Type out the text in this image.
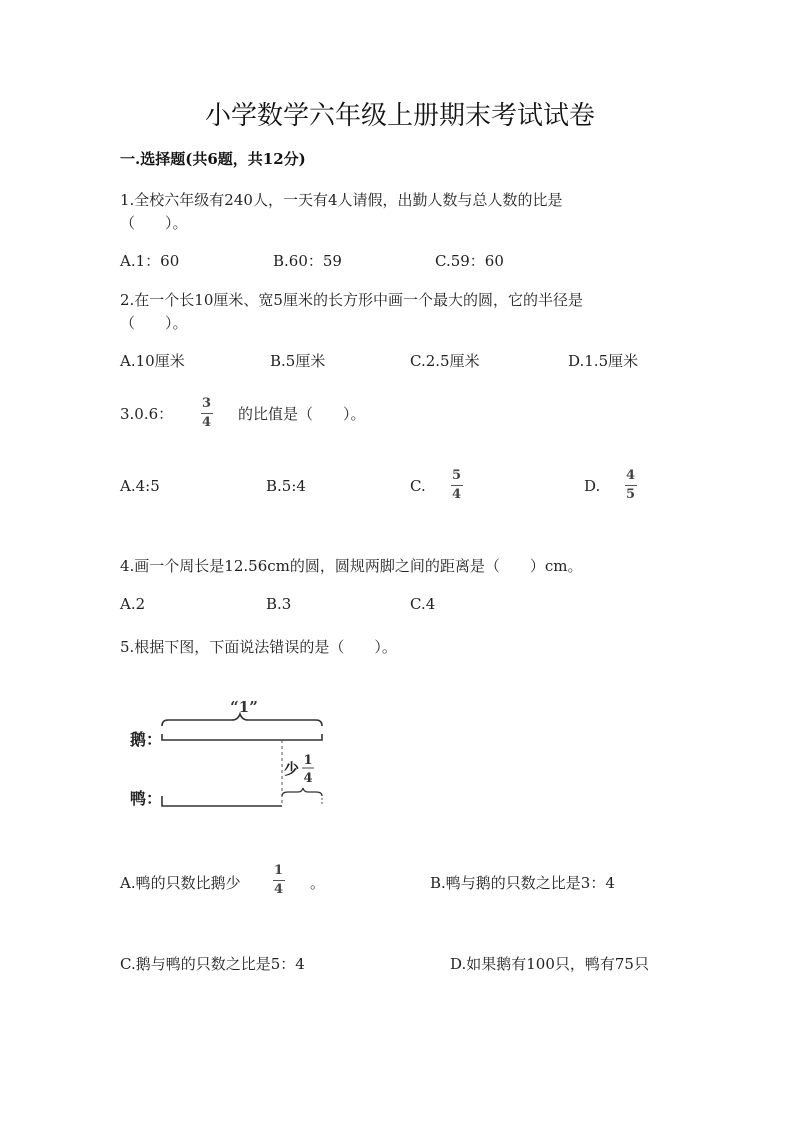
小学数学六年级上册期末考试试卷
一.选择题(共6题，共12分)
1.全校六年级有240人，一天有4人请假，出勤人数与总人数的比是
（　　）。
A.1：60	B.60：59	C.59：60
2.在一个长10厘米、宽5厘米的长方形中画一个最大的圆，它的半径是
（　　）。
A.10厘米	B.5厘米	C.2.5厘米	D.1.5厘米
3.0.6：
3
4 的比值是（　　）。
A.4:5	B.5:4	C.
5
4	D.
4
5
4.画一个周长是12.56cm的圆，圆规两脚之间的距离是（　　）cm。
A.2	B.3	C.4
5.根据下图，下面说法错误的是（　　）。
“1”
鹅：
少 1
4
鸭：
A.鸭的只数比鹅少
1
4 。	B.鸭与鹅的只数之比是3：4
C.鹅与鸭的只数之比是5：4	D.如果鹅有100只，鸭有75只
